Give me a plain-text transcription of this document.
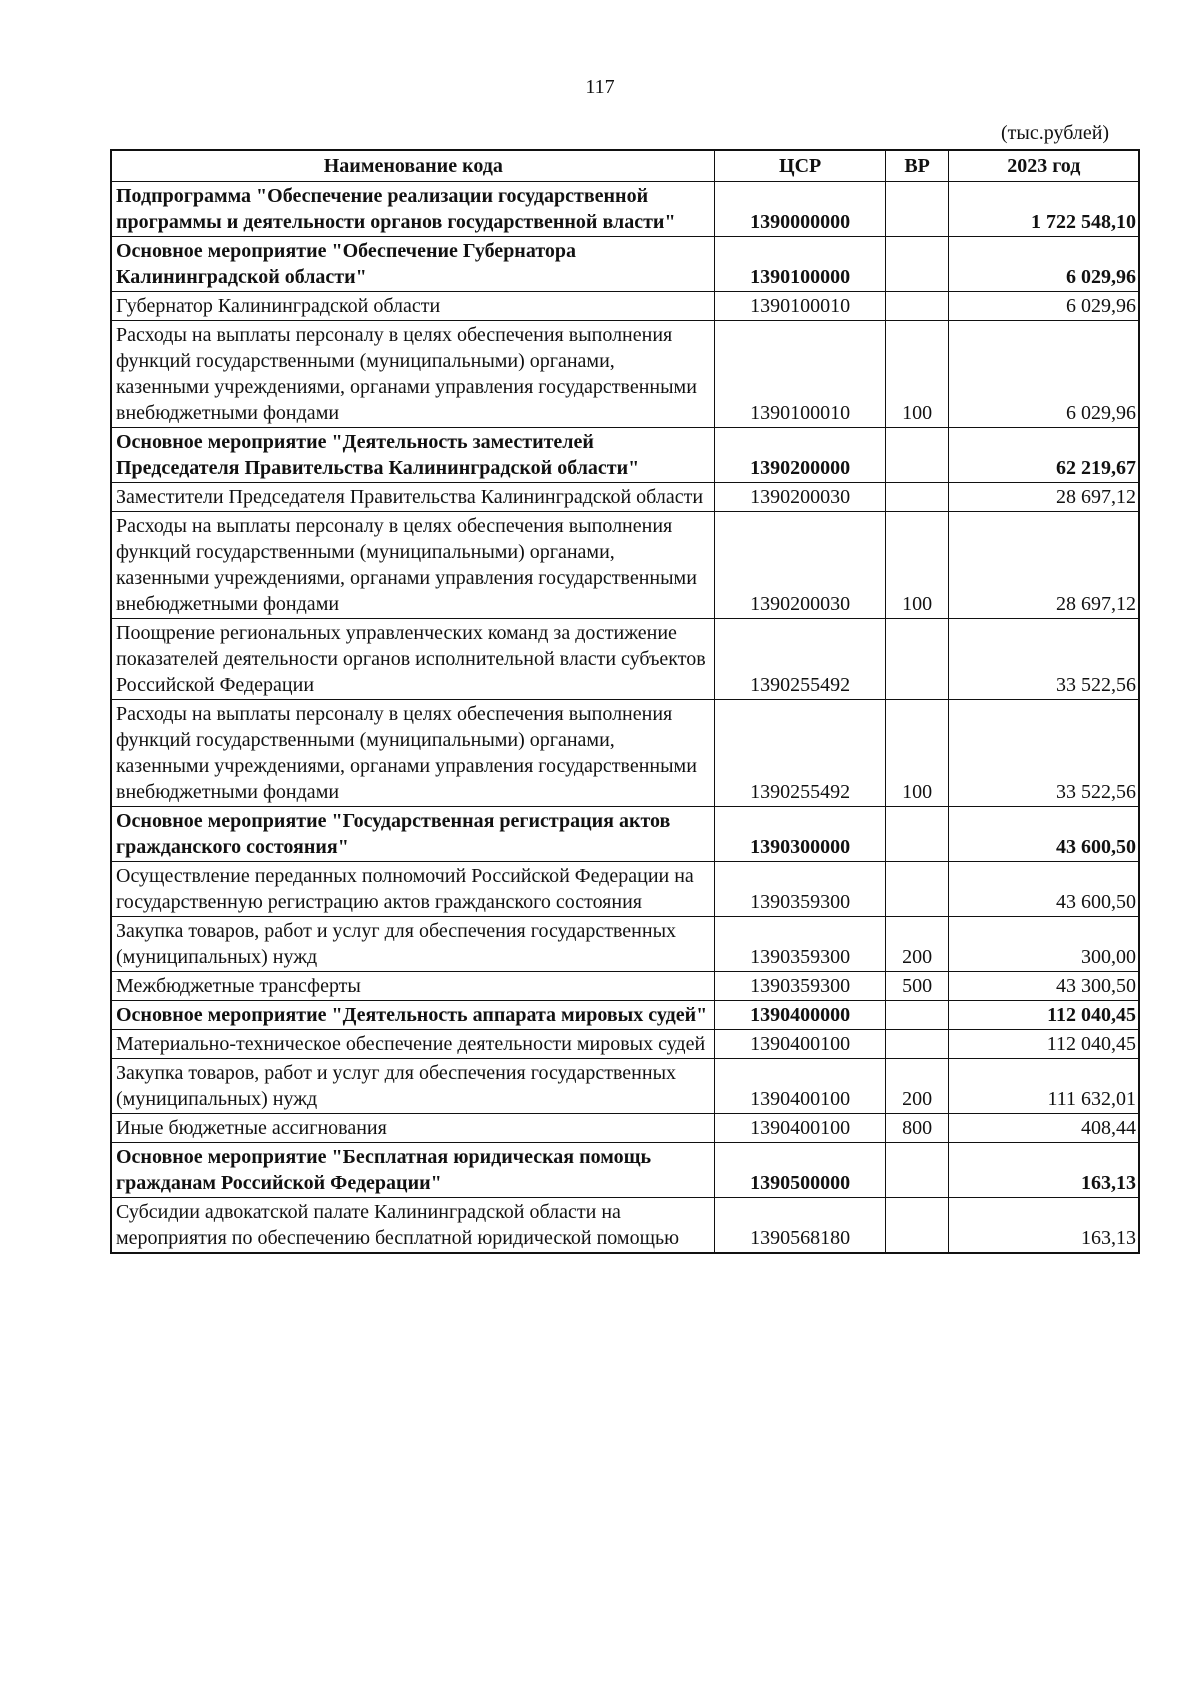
117
(тыс.рублей)
Наименование кода	ЦСР	ВР	2023 год
Подпрограмма "Обеспечение реализации государственной программы и деятельности органов государственной власти"	1390000000		1 722 548,10
Основное мероприятие "Обеспечение Губернатора Калининградской области"	1390100000		6 029,96
Губернатор Калининградской области	1390100010		6 029,96
Расходы на выплаты персоналу в целях обеспечения выполнения функций государственными (муниципальными) органами, казенными учреждениями, органами управления государственными внебюджетными фондами	1390100010	100	6 029,96
Основное мероприятие "Деятельность заместителей Председателя Правительства Калининградской области"	1390200000		62 219,67
Заместители Председателя Правительства Калининградской области	1390200030		28 697,12
Расходы на выплаты персоналу в целях обеспечения выполнения функций государственными (муниципальными) органами, казенными учреждениями, органами управления государственными внебюджетными фондами	1390200030	100	28 697,12
Поощрение региональных управленческих команд за достижение показателей деятельности органов исполнительной власти субъектов Российской Федерации	1390255492		33 522,56
Расходы на выплаты персоналу в целях обеспечения выполнения функций государственными (муниципальными) органами, казенными учреждениями, органами управления государственными внебюджетными фондами	1390255492	100	33 522,56
Основное мероприятие "Государственная регистрация актов гражданского состояния"	1390300000		43 600,50
Осуществление переданных полномочий Российской Федерации на государственную регистрацию актов гражданского состояния	1390359300		43 600,50
Закупка товаров, работ и услуг для обеспечения государственных (муниципальных) нужд	1390359300	200	300,00
Межбюджетные трансферты	1390359300	500	43 300,50
Основное мероприятие "Деятельность аппарата мировых судей"	1390400000		112 040,45
Материально-техническое обеспечение деятельности мировых судей	1390400100		112 040,45
Закупка товаров, работ и услуг для обеспечения государственных (муниципальных) нужд	1390400100	200	111 632,01
Иные бюджетные ассигнования	1390400100	800	408,44
Основное мероприятие "Бесплатная юридическая помощь гражданам Российской Федерации"	1390500000		163,13
Субсидии адвокатской палате Калининградской области на мероприятия по обеспечению бесплатной юридической помощью	1390568180		163,13
